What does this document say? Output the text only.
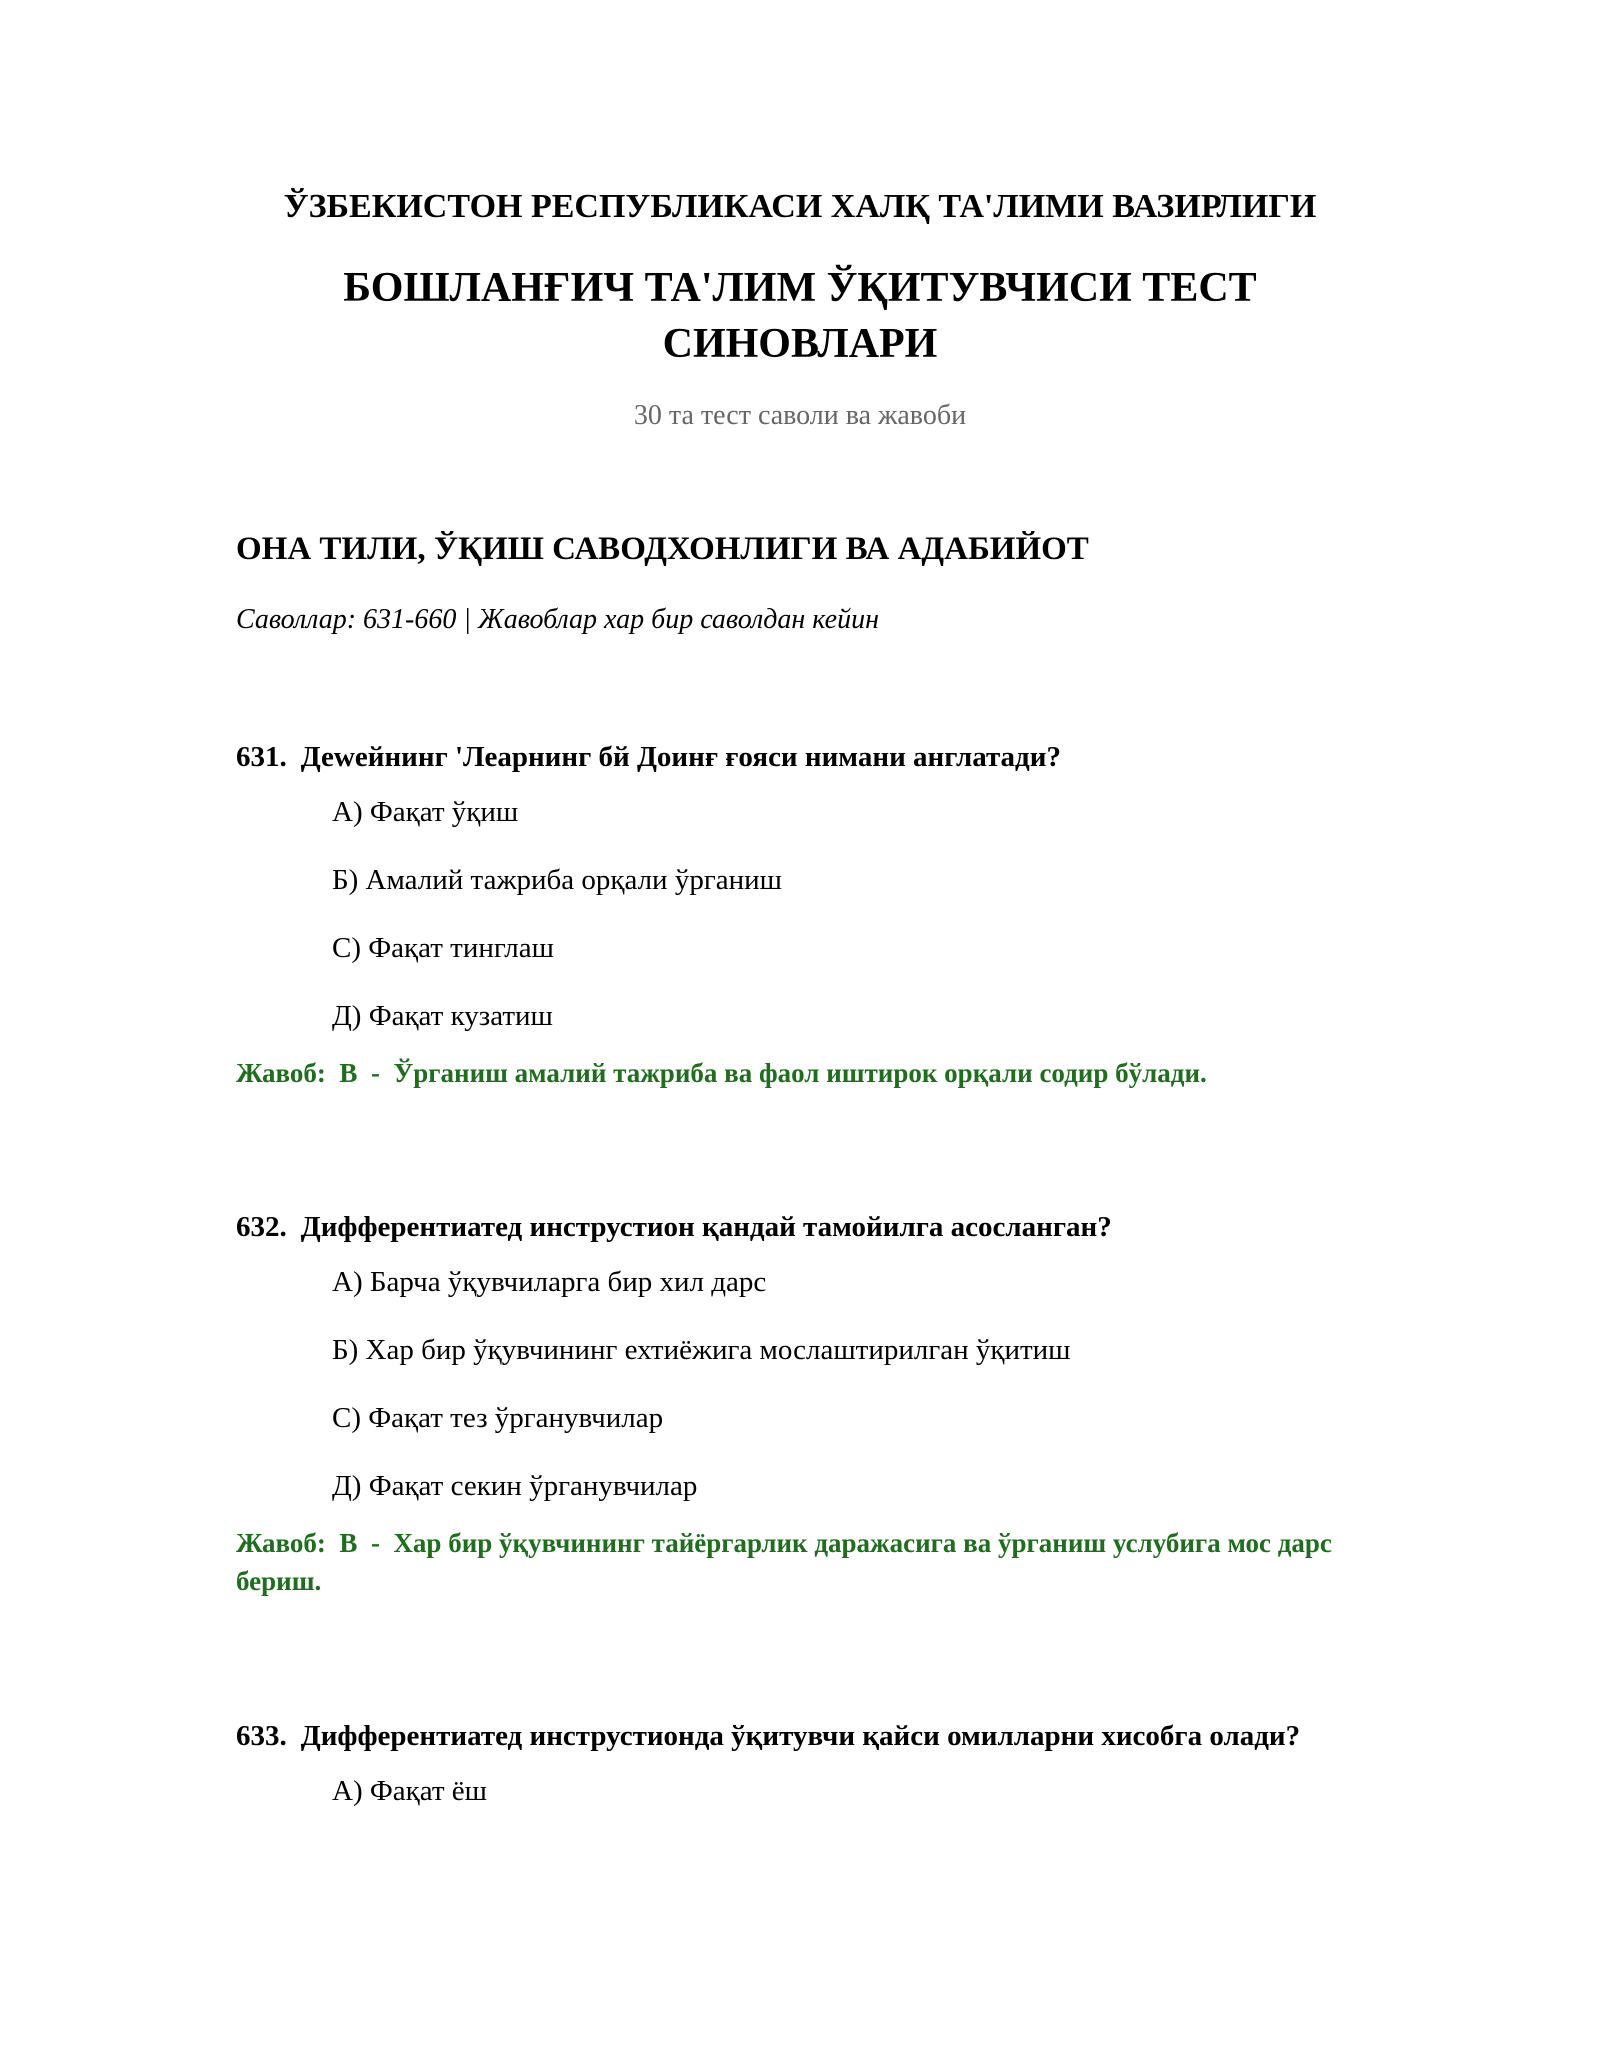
ЎЗБЕКИСТОН РЕСПУБЛИКАСИ ХАЛҚ ТА'ЛИМИ ВАЗИРЛИГИ
БОШЛАНҒИЧ ТА'ЛИМ ЎҚИТУВЧИСИ ТЕСТ СИНОВЛАРИ
30 та тест саволи ва жавоби
ОНА ТИЛИ, ЎҚИШ САВОДХОНЛИГИ ВА АДАБИЙОТ
Саволлар: 631-660 | Жавоблар хар бир саволдан кейин

631. Деwейнинг 'Леарнинг бй Доинғ ғояси нимани англатади?

А) Фақат ўқиш
Б) Амалий тажриба орқали ўрганиш
С) Фақат тинглаш
Д) Фақат кузатиш

Жавоб: В  -  Ўрганиш амалий тажриба ва фаол иштирок орқали содир бўлади.

632. Дифферентиатед инструстион қандай тамойилга асосланган?

А) Барча ўқувчиларга бир хил дарс
Б) Хар бир ўқувчининг ехтиёжига мослаштирилган ўқитиш
С) Фақат тез ўрганувчилар
Д) Фақат секин ўрганувчилар

Жавоб: В  -  Хар бир ўқувчининг тайёргарлик даражасига ва ўрганиш услубига мос дарс бериш.

633. Дифферентиатед инструстионда ўқитувчи қайси омилларни хисобга олади?

А) Фақат ёш
